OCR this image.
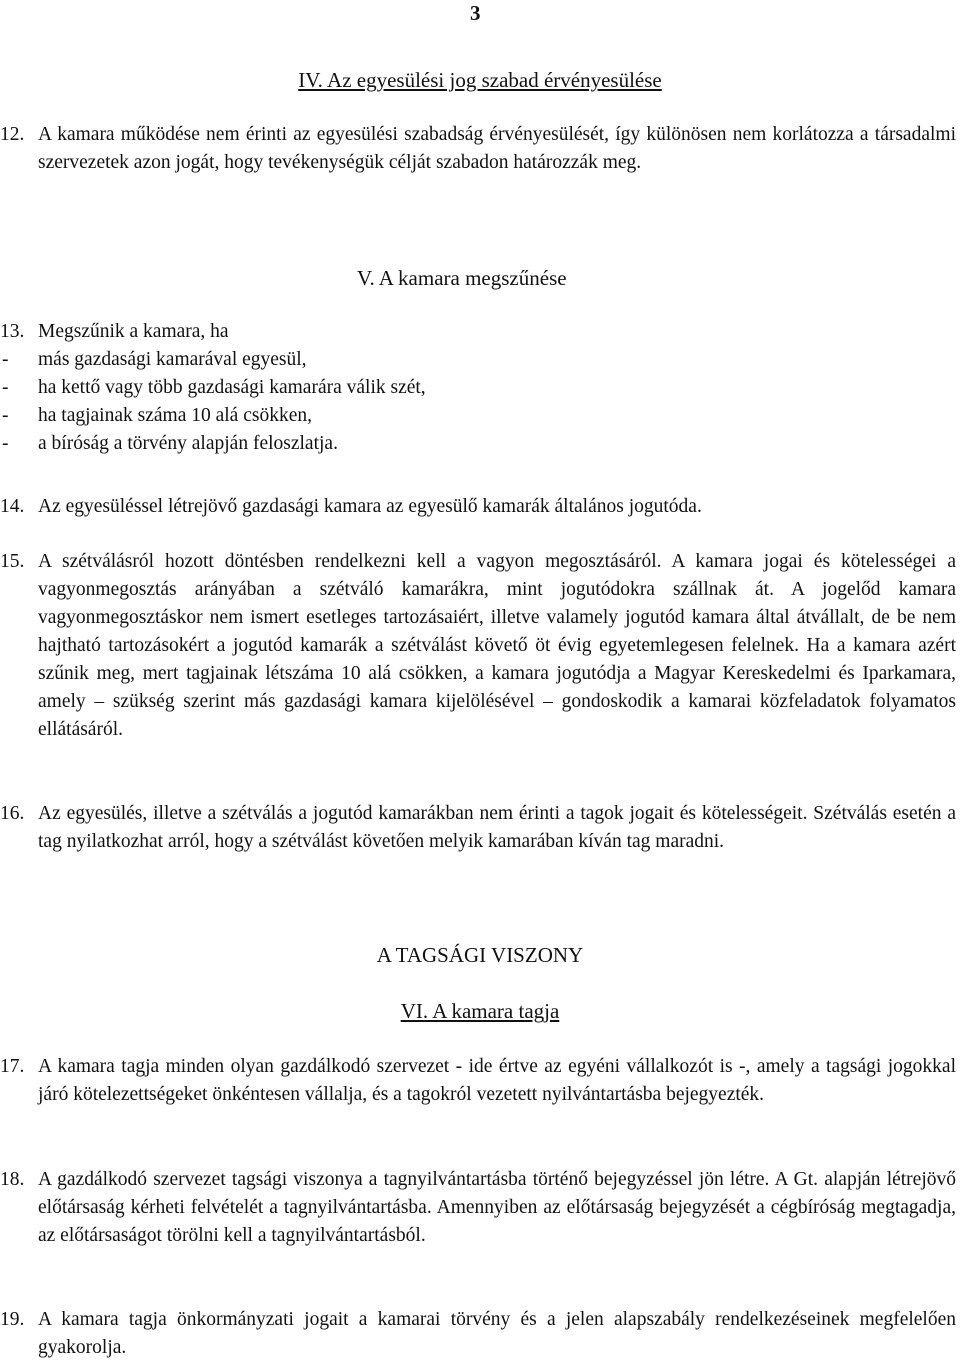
3
IV. Az egyesülési jog szabad érvényesülése
12. A kamara működése nem érinti az egyesülési szabadság érvényesülését, így különösen nem korlátozza a társadalmi szervezetek azon jogát, hogy tevékenységük célját szabadon határozzák meg.
V. A kamara megszűnése
13. Megszűnik a kamara, ha
- más gazdasági kamarával egyesül,
- ha kettő vagy több gazdasági kamarára válik szét,
- ha tagjainak száma 10 alá csökken,
- a bíróság a törvény alapján feloszlatja.
14. Az egyesüléssel létrejövő gazdasági kamara az egyesülő kamarák általános jogutóda.
15. A szétválásról hozott döntésben rendelkezni kell a vagyon megosztásáról. A kamara jogai és kötelességei a vagyonmegosztás arányában a szétváló kamarákra, mint jogutódokra szállnak át. A jogelőd kamara vagyonmegosztáskor nem ismert esetleges tartozásaiért, illetve valamely jogutód kamara által átvállalt, de be nem hajtható tartozásokért a jogutód kamarák a szétválást követő öt évig egyetemlegesen felelnek. Ha a kamara azért szűnik meg, mert tagjainak létszáma 10 alá csökken, a kamara jogutódja a Magyar Kereskedelmi és Iparkamara, amely – szükség szerint más gazdasági kamara kijelölésével – gondoskodik a kamarai közfeladatok folyamatos ellátásáról.
16. Az egyesülés, illetve a szétválás a jogutód kamarákban nem érinti a tagok jogait és kötelességeit. Szétválás esetén a tag nyilatkozhat arról, hogy a szétválást követően melyik kamarában kíván tag maradni.
A TAGSÁGI VISZONY
VI. A kamara tagja
17. A kamara tagja minden olyan gazdálkodó szervezet - ide értve az egyéni vállalkozót is -, amely a tagsági jogokkal járó kötelezettségeket önkéntesen vállalja, és a tagokról vezetett nyilvántartásba bejegyezték.
18. A gazdálkodó szervezet tagsági viszonya a tagnyilvántartásba történő bejegyzéssel jön létre. A Gt. alapján létrejövő előtársaság kérheti felvételét a tagnyilvántartásba. Amennyiben az előtársaság bejegyzését a cégbíróság megtagadja, az előtársaságot törölni kell a tagnyilvántartásból.
19. A kamara tagja önkormányzati jogait a kamarai törvény és a jelen alapszabály rendelkezéseinek megfelelően gyakorolja.
